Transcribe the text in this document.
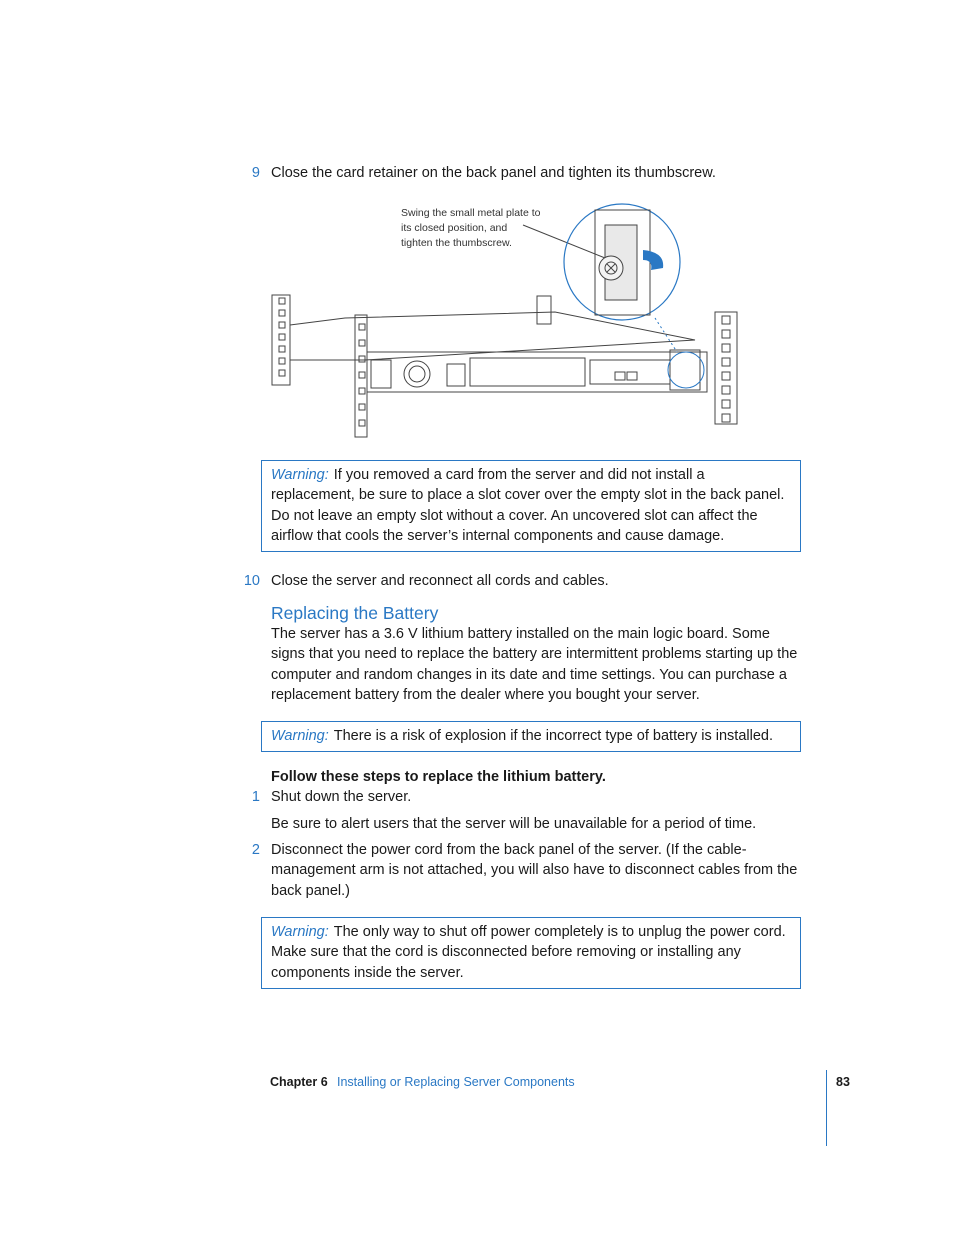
9 Close the card retainer on the back panel and tighten its thumbscrew.
Swing the small metal plate to its closed position, and tighten the thumbscrew.
Warning: If you removed a card from the server and did not install a replacement, be sure to place a slot cover over the empty slot in the back panel. Do not leave an empty slot without a cover. An uncovered slot can affect the airflow that cools the server’s internal components and cause damage.
10 Close the server and reconnect all cords and cables.
Replacing the Battery
The server has a 3.6 V lithium battery installed on the main logic board. Some signs that you need to replace the battery are intermittent problems starting up the computer and random changes in its date and time settings. You can purchase a replacement battery from the dealer where you bought your server.
Warning: There is a risk of explosion if the incorrect type of battery is installed.
Follow these steps to replace the lithium battery.
1 Shut down the server.
Be sure to alert users that the server will be unavailable for a period of time.
2 Disconnect the power cord from the back panel of the server. (If the cable-management arm is not attached, you will also have to disconnect cables from the back panel.)
Warning: The only way to shut off power completely is to unplug the power cord. Make sure that the cord is disconnected before removing or installing any components inside the server.
Chapter 6 Installing or Replacing Server Components	83
